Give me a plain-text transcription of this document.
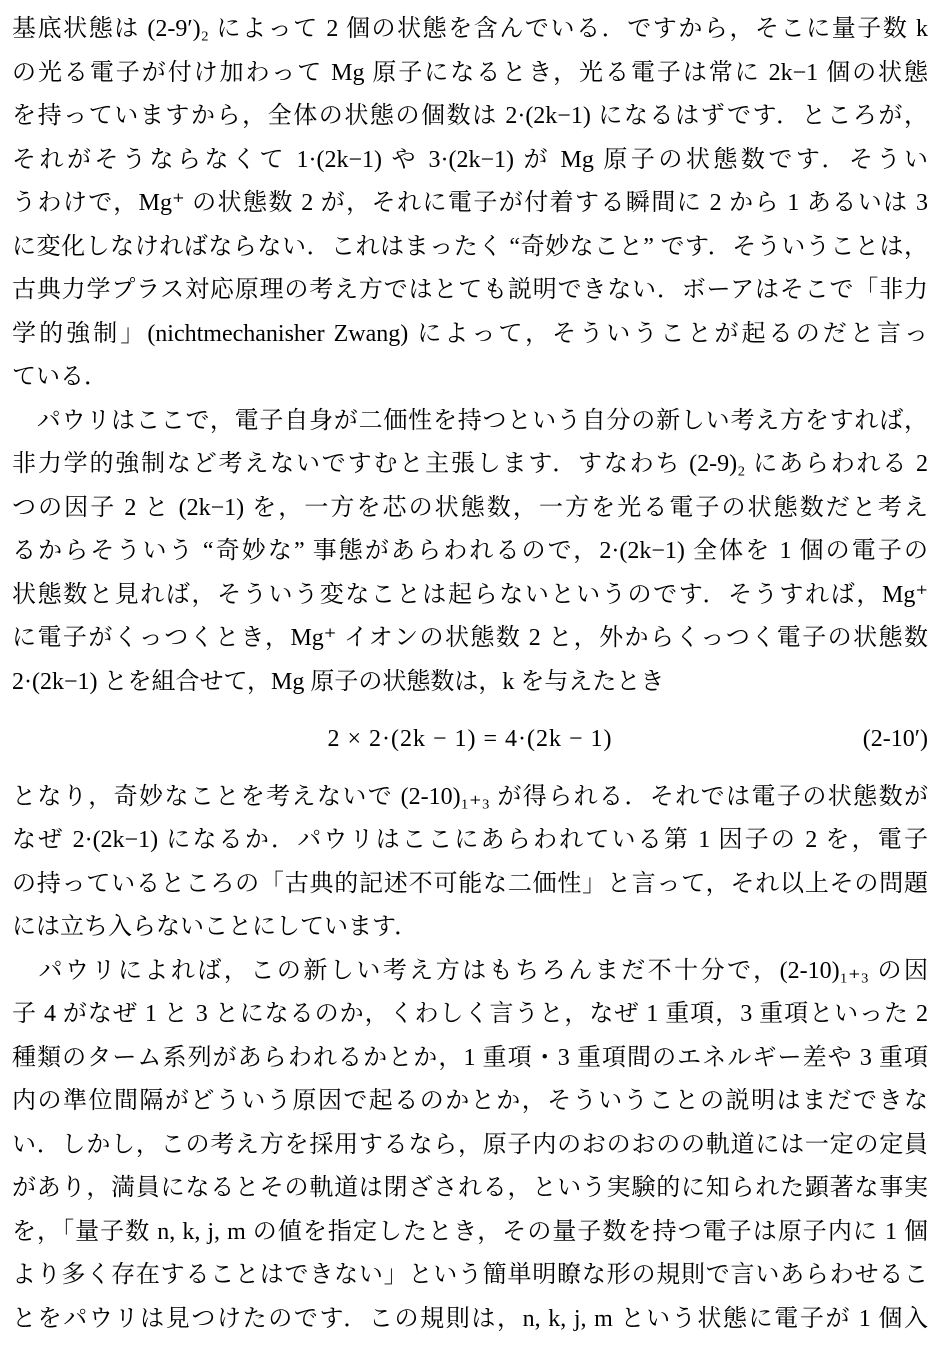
基底状態は (2-9′)₂ によって 2 個の状態を含んでいる．ですから，そこに量子数 k
の光る電子が付け加わって Mg 原子になるとき，光る電子は常に 2k−1 個の状態
を持っていますから，全体の状態の個数は 2·(2k−1) になるはずです．ところが，
それがそうならなくて 1·(2k−1) や 3·(2k−1) が Mg 原子の状態数です．そうい
うわけで，Mg⁺ の状態数 2 が，それに電子が付着する瞬間に 2 から 1 あるいは 3
に変化しなければならない．これはまったく “奇妙なこと” です．そういうことは，
古典力学プラス対応原理の考え方ではとても説明できない．ボーアはそこで「非力
学的強制」(nichtmechanisher Zwang) によって，そういうことが起るのだと言っ
ている．
　パウリはここで，電子自身が二価性を持つという自分の新しい考え方をすれば，
非力学的強制など考えないですむと主張します．すなわち (2-9)₂ にあらわれる 2
つの因子 2 と (2k−1) を，一方を芯の状態数，一方を光る電子の状態数だと考え
るからそういう “奇妙な” 事態があらわれるので，2·(2k−1) 全体を 1 個の電子の
状態数と見れば，そういう変なことは起らないというのです．そうすれば，Mg⁺
に電子がくっつくとき，Mg⁺ イオンの状態数 2 と，外からくっつく電子の状態数
2·(2k−1) とを組合せて，Mg 原子の状態数は，k を与えたとき
2 × 2·(2k − 1) = 4·(2k − 1)	(2-10′)
となり，奇妙なことを考えないで (2-10)₁₊₃ が得られる．それでは電子の状態数が
なぜ 2·(2k−1) になるか．パウリはここにあらわれている第 1 因子の 2 を，電子
の持っているところの「古典的記述不可能な二価性」と言って，それ以上その問題
には立ち入らないことにしています．
　パウリによれば，この新しい考え方はもちろんまだ不十分で，(2-10)₁₊₃ の因
子 4 がなぜ 1 と 3 とになるのか，くわしく言うと，なぜ 1 重項，3 重項といった 2
種類のターム系列があらわれるかとか，1 重項・3 重項間のエネルギー差や 3 重項
内の準位間隔がどういう原因で起るのかとか，そういうことの説明はまだできな
い．しかし，この考え方を採用するなら，原子内のおのおのの軌道には一定の定員
があり，満員になるとその軌道は閉ざされる，という実験的に知られた顕著な事実
を，「量子数 n, k, j, m の値を指定したとき，その量子数を持つ電子は原子内に 1 個
より多く存在することはできない」という簡単明瞭な形の規則で言いあらわせるこ
とをパウリは見つけたのです．この規則は，n, k, j, m という状態に電子が 1 個入
